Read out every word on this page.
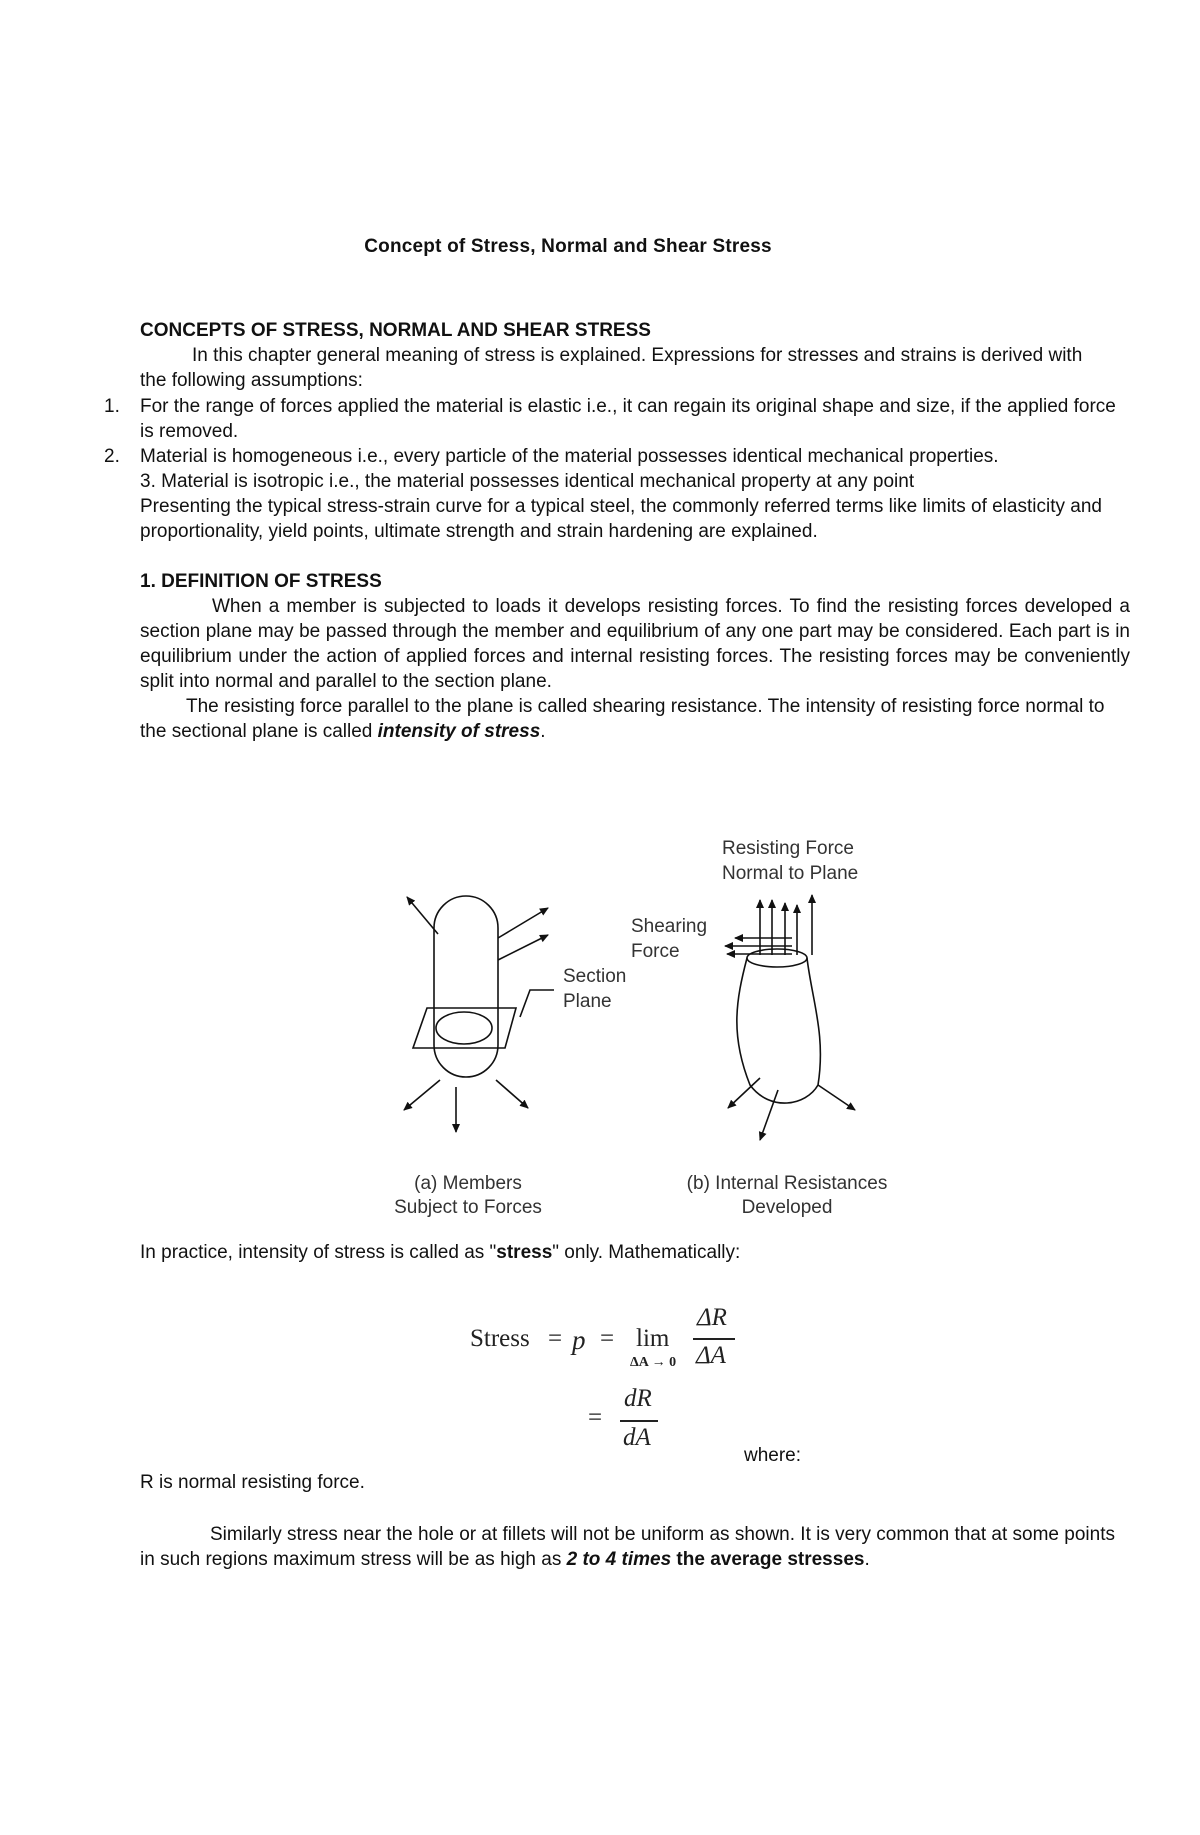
Concept of Stress, Normal and Shear Stress
CONCEPTS OF STRESS, NORMAL AND SHEAR STRESS
In this chapter general meaning of stress is explained. Expressions for stresses and strains is derived with the following assumptions:
1. For the range of forces applied the material is elastic i.e., it can regain its original shape and size, if the applied force is removed.
2. Material is homogeneous i.e., every particle of the material possesses identical mechanical properties.
3. Material is isotropic i.e., the material possesses identical mechanical property at any point
Presenting the typical stress-strain curve for a typical steel, the commonly referred terms like limits of elasticity and proportionality, yield points, ultimate strength and strain hardening are explained.
1. DEFINITION OF STRESS
When a member is subjected to loads it develops resisting forces. To find the resisting forces developed a section plane may be passed through the member and equilibrium of any one part may be considered. Each part is in equilibrium under the action of applied forces and internal resisting forces. The resisting forces may be conveniently split into normal and parallel to the section plane.
The resisting force parallel to the plane is called shearing resistance. The intensity of resisting force normal to the sectional plane is called intensity of stress.
Resisting Force
Normal to Plane
Shearing
Force
Section
Plane
(a) Members
Subject to Forces
(b) Internal Resistances
Developed
In practice, intensity of stress is called as "stress" only. Mathematically:
Stress = p = lim
ΔA → 0
ΔR
ΔA
=
dR
dA
where:
R is normal resisting force.
Similarly stress near the hole or at fillets will not be uniform as shown. It is very common that at some points in such regions maximum stress will be as high as 2 to 4 times the average stresses.
